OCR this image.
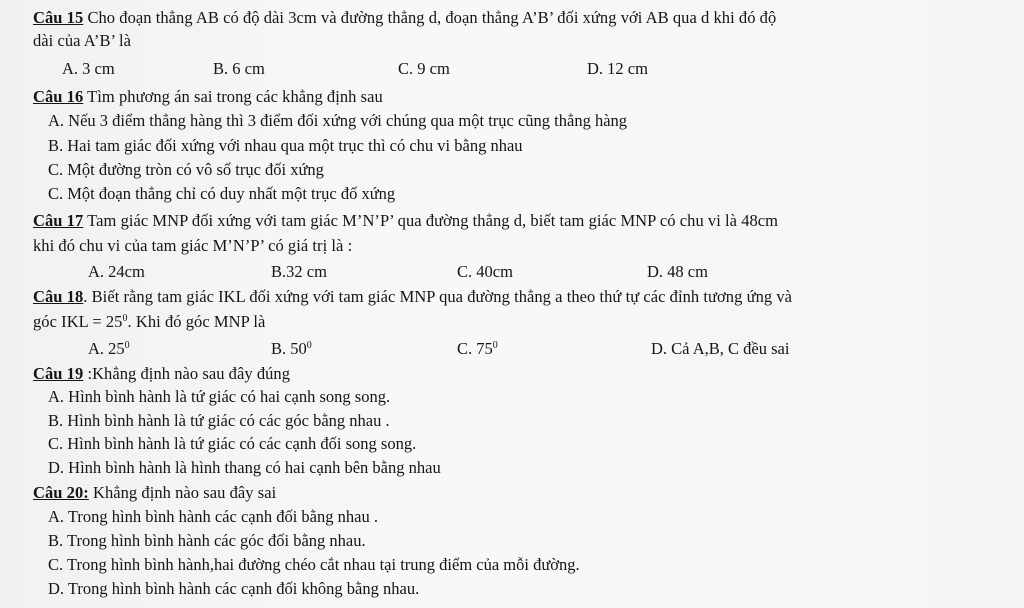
Câu 15 Cho đoạn thẳng AB có độ dài 3cm và đường thẳng d, đoạn thẳng A’B’ đối xứng với AB qua d khi đó độ
dài của A’B’ là
A. 3 cm	B. 6 cm	C. 9 cm	D. 12 cm
Câu 16 Tìm phương án sai trong các khẳng định sau
A. Nếu 3 điểm thẳng hàng thì 3 điểm đối xứng với chúng qua một trục cũng thẳng hàng
B. Hai tam giác đối xứng với nhau qua một trục thì có chu vi bằng nhau
C. Một đường tròn có vô số trục đối xứng
C. Một đoạn thẳng chỉ có duy nhất một trục đố xứng
Câu 17 Tam giác MNP đối xứng với tam giác M’N’P’ qua đường thẳng d, biết tam giác MNP có chu vi là 48cm
khi đó chu vi của tam giác M’N’P’ có giá trị là :
A. 24cm	B.32 cm	C. 40cm	D. 48 cm
Câu 18. Biết rằng tam giác IKL đối xứng với tam giác MNP qua đường thẳng a theo thứ tự các đỉnh tương ứng và
góc IKL = $25^0$. Khi đó góc MNP là
A. $25^0$	B. $50^0$	C. $75^0$	D. Cả A,B, C đều sai
Câu 19 :Khẳng định nào sau đây đúng
A. Hình bình hành là tứ giác có hai cạnh song song.
B. Hình bình hành là tứ giác có các góc bằng nhau .
C. Hình bình hành là tứ giác có các cạnh đối song song.
D. Hình bình hành là hình thang có hai cạnh bên bằng nhau
Câu 20: Khẳng định nào sau đây sai
A. Trong hình bình hành các cạnh đối bằng nhau .
B. Trong hình bình hành các góc đối bằng nhau.
C. Trong hình bình hành,hai đường chéo cắt nhau tại trung điểm của mỗi đường.
D. Trong hình bình hành các cạnh đối không bằng nhau.
